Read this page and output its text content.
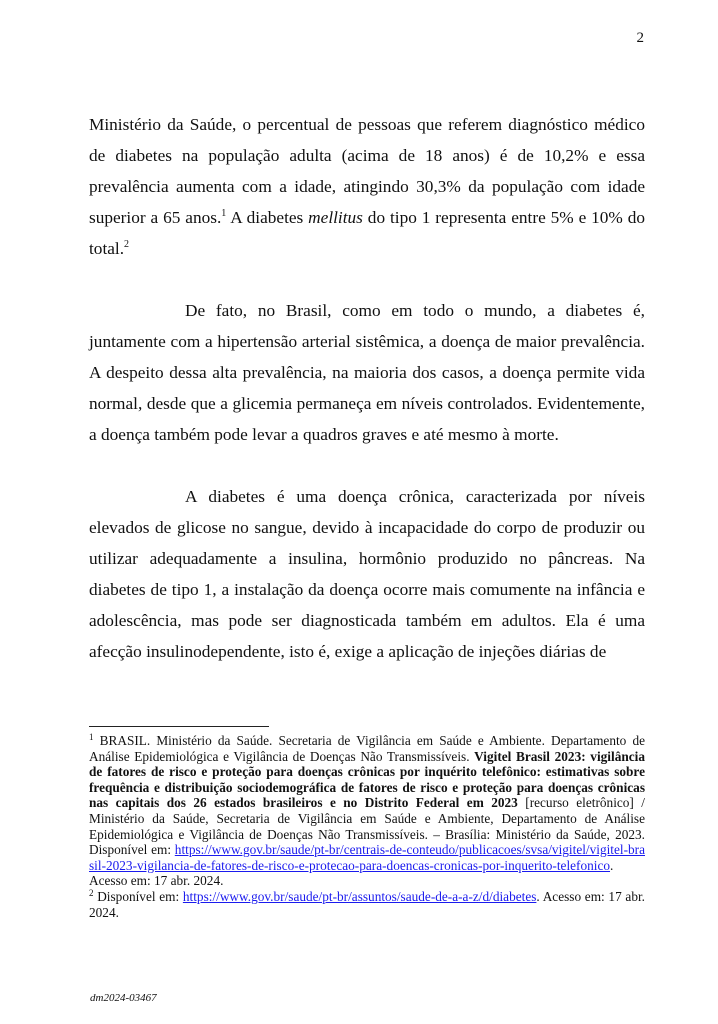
2

Ministério da Saúde, o percentual de pessoas que referem diagnóstico médico de diabetes na população adulta (acima de 18 anos) é de 10,2% e essa prevalência aumenta com a idade, atingindo 30,3% da população com idade superior a 65 anos.$^1$ A diabetes mellitus do tipo 1 representa entre 5% e 10% do total.$^2$

De fato, no Brasil, como em todo o mundo, a diabetes é, juntamente com a hipertensão arterial sistêmica, a doença de maior prevalência. A despeito dessa alta prevalência, na maioria dos casos, a doença permite vida normal, desde que a glicemia permaneça em níveis controlados. Evidentemente, a doença também pode levar a quadros graves e até mesmo à morte.

A diabetes é uma doença crônica, caracterizada por níveis elevados de glicose no sangue, devido à incapacidade do corpo de produzir ou utilizar adequadamente a insulina, hormônio produzido no pâncreas. Na diabetes de tipo 1, a instalação da doença ocorre mais comumente na infância e adolescência, mas pode ser diagnosticada também em adultos. Ela é uma afecção insulinodependente, isto é, exige a aplicação de injeções diárias de

$^1$ BRASIL. Ministério da Saúde. Secretaria de Vigilância em Saúde e Ambiente. Departamento de Análise Epidemiológica e Vigilância de Doenças Não Transmissíveis. Vigitel Brasil 2023: vigilância de fatores de risco e proteção para doenças crônicas por inquérito telefônico: estimativas sobre frequência e distribuição sociodemográfica de fatores de risco e proteção para doenças crônicas nas capitais dos 26 estados brasileiros e no Distrito Federal em 2023 [recurso eletrônico] / Ministério da Saúde, Secretaria de Vigilância em Saúde e Ambiente, Departamento de Análise Epidemiológica e Vigilância de Doenças Não Transmissíveis. – Brasília: Ministério da Saúde, 2023. Disponível em: https://www.gov.br/saude/pt-br/centrais-de-conteudo/publicacoes/svsa/vigitel/vigitel-brasil-2023-vigilancia-de-fatores-de-risco-e-protecao-para-doencas-cronicas-por-inquerito-telefonico. Acesso em: 17 abr. 2024.

$^2$ Disponível em: https://www.gov.br/saude/pt-br/assuntos/saude-de-a-a-z/d/diabetes. Acesso em: 17 abr. 2024.

dm2024-03467
